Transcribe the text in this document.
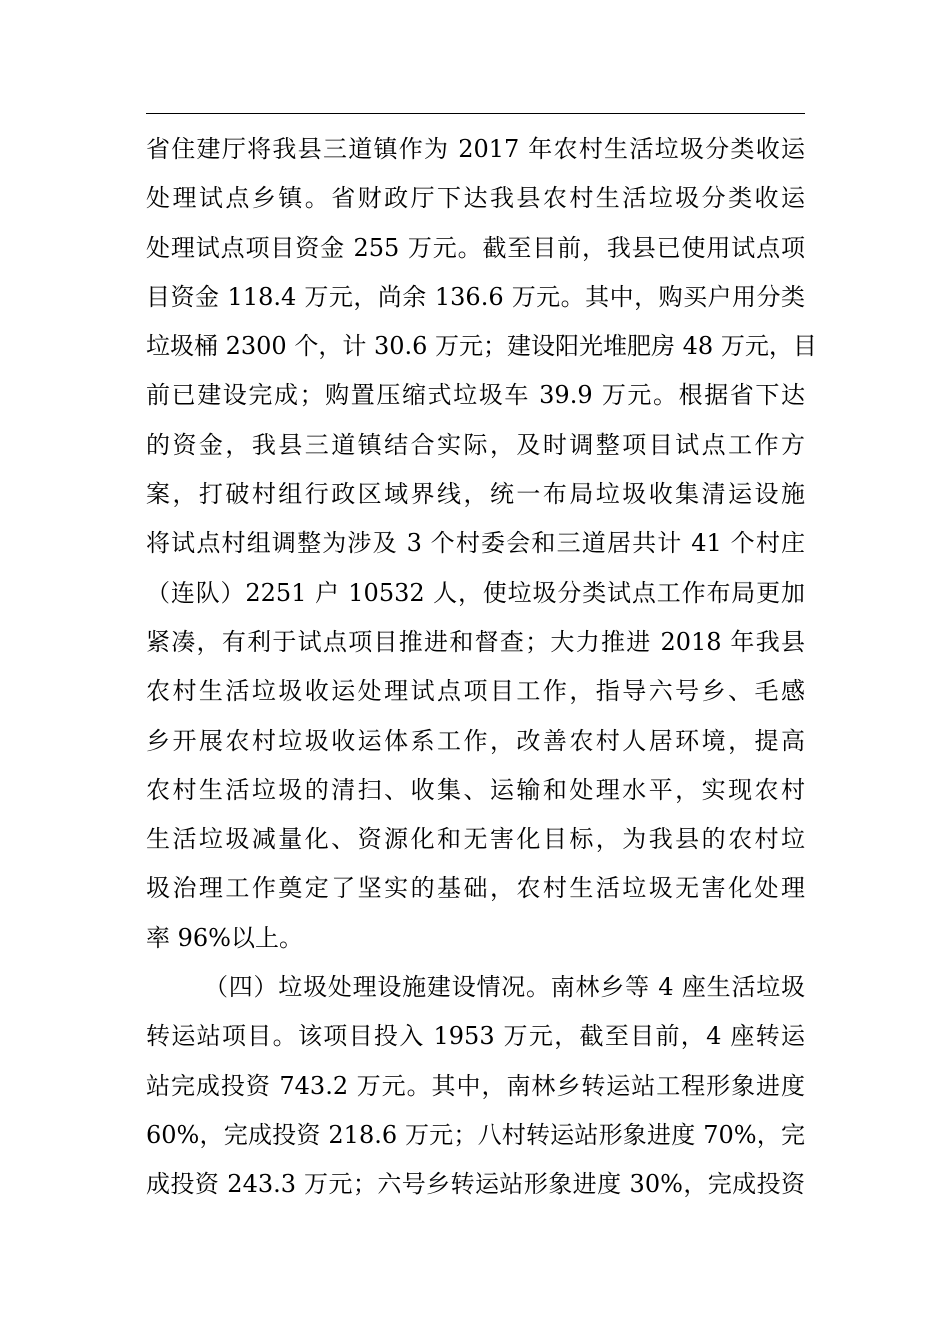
省住建厅将我县三道镇作为 2017 年农村生活垃圾分类收运
处理试点乡镇。省财政厅下达我县农村生活垃圾分类收运
处理试点项目资金 255 万元。截至目前，我县已使用试点项
目资金 118.4 万元，尚余 136.6 万元。其中，购买户用分类
垃圾桶 2300 个，计 30.6 万元；建设阳光堆肥房 48 万元，目
前已建设完成；购置压缩式垃圾车 39.9 万元。根据省下达
的资金，我县三道镇结合实际，及时调整项目试点工作方
案，打破村组行政区域界线，统一布局垃圾收集清运设施
将试点村组调整为涉及 3 个村委会和三道居共计 41 个村庄
（连队）2251 户 10532 人，使垃圾分类试点工作布局更加
紧凑，有利于试点项目推进和督查；大力推进 2018 年我县
农村生活垃圾收运处理试点项目工作，指导六号乡、毛感
乡开展农村垃圾收运体系工作，改善农村人居环境，提高
农村生活垃圾的清扫、收集、运输和处理水平，实现农村
生活垃圾减量化、资源化和无害化目标，为我县的农村垃
圾治理工作奠定了坚实的基础，农村生活垃圾无害化处理
率 96%以上。
（四）垃圾处理设施建设情况。南林乡等 4 座生活垃圾
转运站项目。该项目投入 1953 万元，截至目前，4 座转运
站完成投资 743.2 万元。其中，南林乡转运站工程形象进度
60%，完成投资 218.6 万元；八村转运站形象进度 70%，完
成投资 243.3 万元；六号乡转运站形象进度 30%，完成投资
